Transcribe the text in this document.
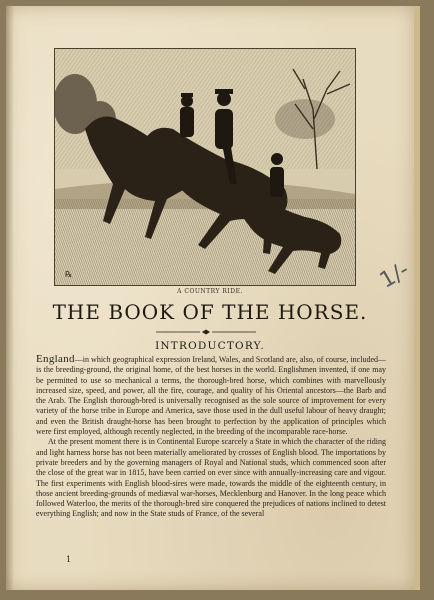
℞
A COUNTRY RIDE.
THE BOOK OF THE HORSE.
INTRODUCTORY.

England—in which geographical expression Ireland, Wales, and Scotland are, also, of course, included—is the breeding-ground, the original home, of the best horses in the world. Englishmen invented, if one may be permitted to use so mechanical a terms, the thorough-bred horse, which combines with marvellously increased size, speed, and power, all the fire, courage, and quality of his Oriental ancestors—the Barb and the Arab. The English thorough-bred is universally recognised as the sole source of improvement for every variety of the horse tribe in Europe and America, save those used in the dull useful labour of heavy draught; and even the British draught-horse has been brought to perfection by the application of principles which were first employed, although recently neglected, in the breeding of the incomparable race-horse.

At the present moment there is in Continental Europe scarcely a State in which the character of the riding and light harness horse has not been materially ameliorated by crosses of English blood. The importations by private breeders and by the governing managers of Royal and National studs, which commenced soon after the close of the great war in 1815, have been carried on ever since with annually-increasing care and vigour. The first experiments with English blood-sires were made, towards the middle of the eighteenth century, in those ancient breeding-grounds of mediæval war-horses, Mecklenburg and Hanover. In the long peace which followed Waterloo, the merits of the thorough-bred sire conquered the prejudices of nations inclined to detest everything English; and now in the State studs of France, of the several

1
1/-
